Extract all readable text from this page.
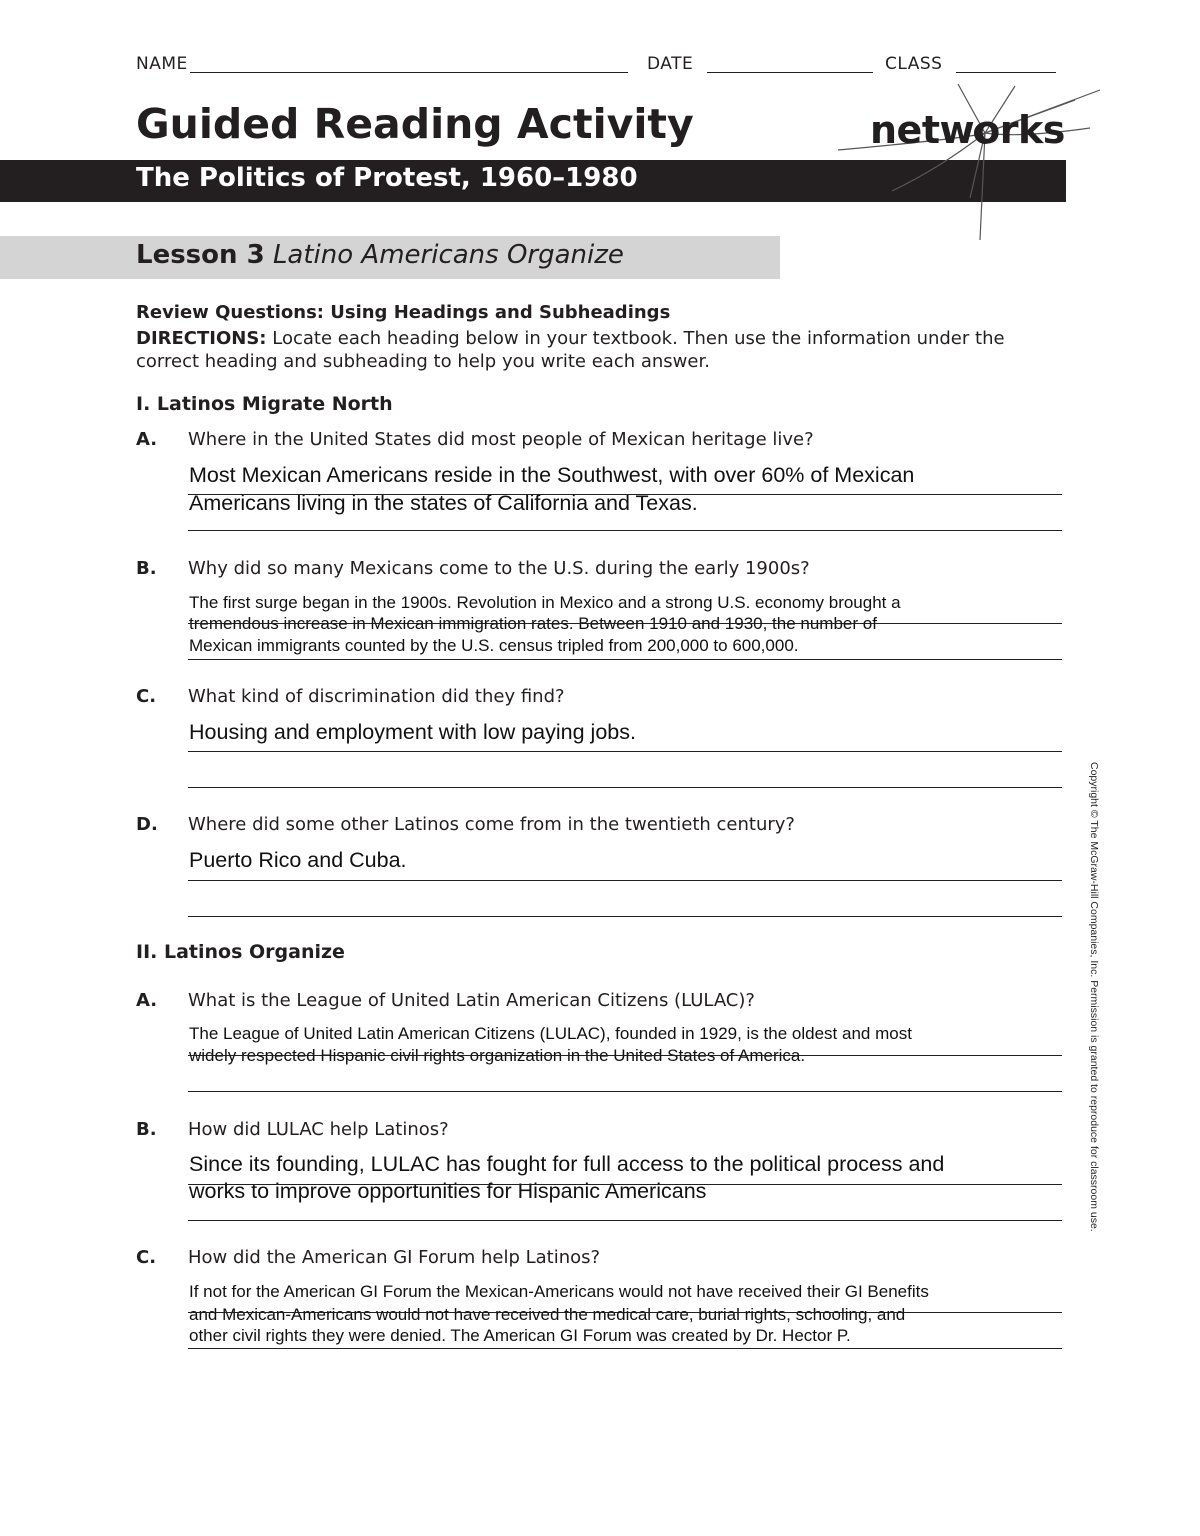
NAME	DATE	CLASS
Guided Reading Activity
The Politics of Protest, 1960–1980
networks
Lesson 3 Latino Americans Organize
Review Questions: Using Headings and Subheadings
DIRECTIONS: Locate each heading below in your textbook. Then use the information under the correct heading and subheading to help you write each answer.
I. Latinos Migrate North
A. Where in the United States did most people of Mexican heritage live?
Most Mexican Americans reside in the Southwest, with over 60% of Mexican
Americans living in the states of California and Texas.
B. Why did so many Mexicans come to the U.S. during the early 1900s?
The first surge began in the 1900s. Revolution in Mexico and a strong U.S. economy brought a
tremendous increase in Mexican immigration rates. Between 1910 and 1930, the number of
Mexican immigrants counted by the U.S. census tripled from 200,000 to 600,000.
C. What kind of discrimination did they find?
Housing and employment with low paying jobs.
D. Where did some other Latinos come from in the twentieth century?
Puerto Rico and Cuba.
II. Latinos Organize
A. What is the League of United Latin American Citizens (LULAC)?
The League of United Latin American Citizens (LULAC), founded in 1929, is the oldest and most
widely respected Hispanic civil rights organization in the United States of America.
B. How did LULAC help Latinos?
Since its founding, LULAC has fought for full access to the political process and
works to improve opportunities for Hispanic Americans
C. How did the American GI Forum help Latinos?
If not for the American GI Forum the Mexican-Americans would not have received their GI Benefits
and Mexican-Americans would not have received the medical care, burial rights, schooling, and
other civil rights they were denied. The American GI Forum was created by Dr. Hector P.
Copyright © The McGraw-Hill Companies, Inc. Permission is granted to reproduce for classroom use.
